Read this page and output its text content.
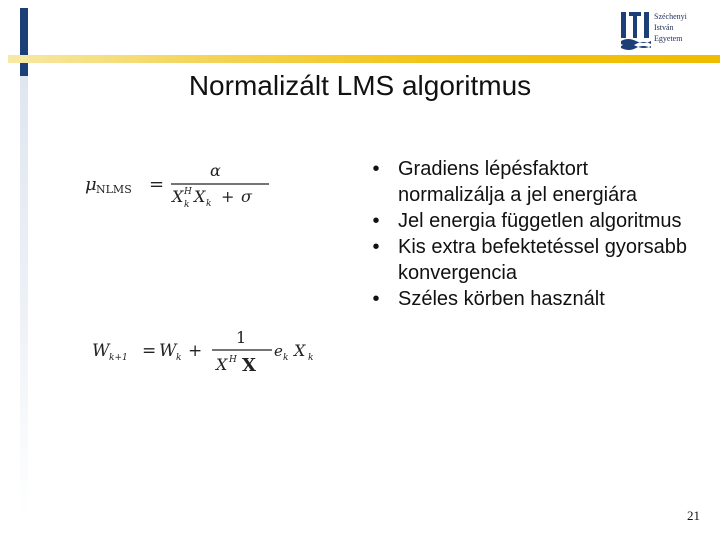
Széchenyi
István
Egyetem
Normalizált LMS algoritmus
μ NLMS =
α
X H
k X k + σ
W k+1 = W k +
1
X H X
e k X k
• Gradiens lépésfaktort normalizálja a jel energiára
• Jel energia független algoritmus
• Kis extra befektetéssel gyorsabb konvergencia
• Széles körben használt
21
